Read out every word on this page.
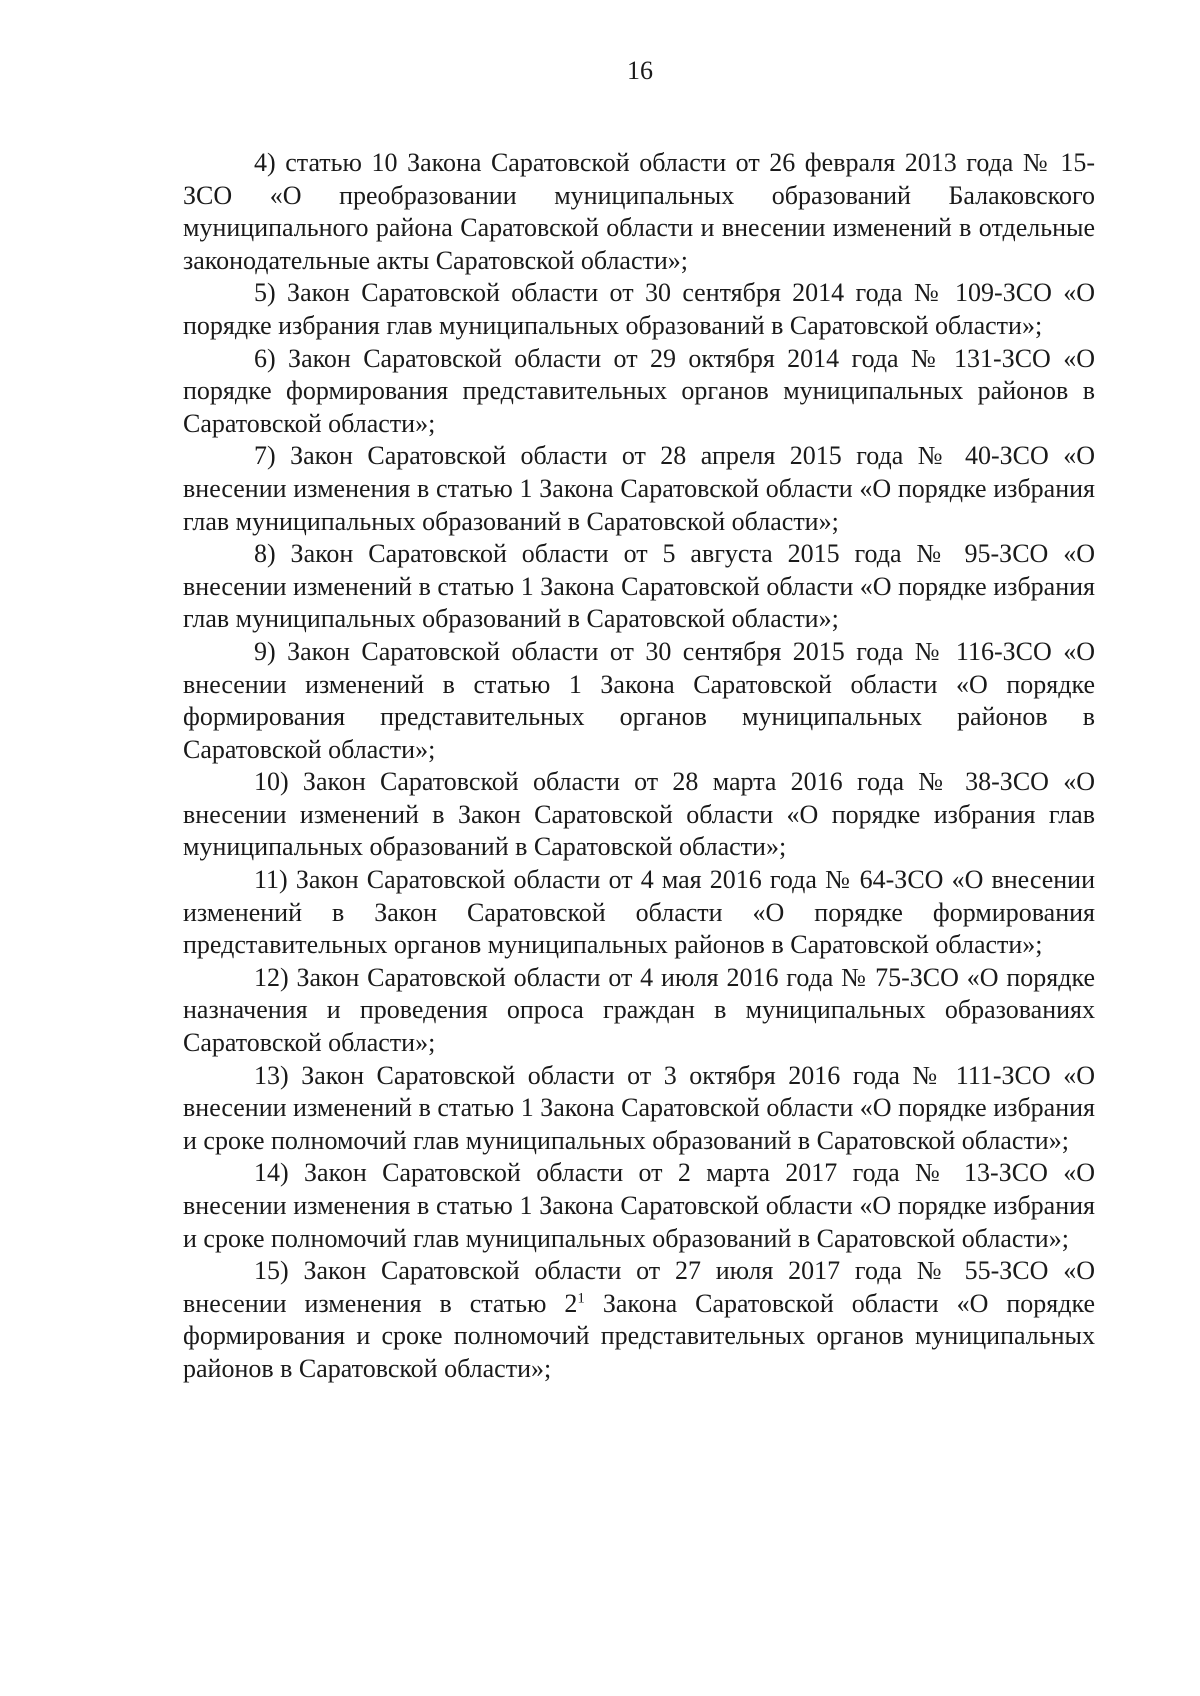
16

4) статью 10 Закона Саратовской области от 26 февраля 2013 года № 15-ЗСО «О преобразовании муниципальных образований Балаковского муниципального района Саратовской области и внесении изменений в отдельные законодательные акты Саратовской области»;

5) Закон Саратовской области от 30 сентября 2014 года № 109-ЗСО «О порядке избрания глав муниципальных образований в Саратовской области»;

6) Закон Саратовской области от 29 октября 2014 года № 131-ЗСО «О порядке формирования представительных органов муниципальных районов в Саратовской области»;

7) Закон Саратовской области от 28 апреля 2015 года № 40-ЗСО «О внесении изменения в статью 1 Закона Саратовской области «О порядке избрания глав муниципальных образований в Саратовской области»;

8) Закон Саратовской области от 5 августа 2015 года № 95-ЗСО «О внесении изменений в статью 1 Закона Саратовской области «О порядке избрания глав муниципальных образований в Саратовской области»;

9) Закон Саратовской области от 30 сентября 2015 года № 116-ЗСО «О внесении изменений в статью 1 Закона Саратовской области «О порядке формирования представительных органов муниципальных районов в Саратовской области»;

10) Закон Саратовской области от 28 марта 2016 года № 38-ЗСО «О внесении изменений в Закон Саратовской области «О порядке избрания глав муниципальных образований в Саратовской области»;

11) Закон Саратовской области от 4 мая 2016 года № 64-ЗСО «О внесении изменений в Закон Саратовской области «О порядке формирования представительных органов муниципальных районов в Саратовской области»;

12) Закон Саратовской области от 4 июля 2016 года № 75-ЗСО «О порядке назначения и проведения опроса граждан в муниципальных образованиях Саратовской области»;

13) Закон Саратовской области от 3 октября 2016 года № 111-ЗСО «О внесении изменений в статью 1 Закона Саратовской области «О порядке избрания и сроке полномочий глав муниципальных образований в Саратовской области»;

14) Закон Саратовской области от 2 марта 2017 года № 13-ЗСО «О внесении изменения в статью 1 Закона Саратовской области «О порядке избрания и сроке полномочий глав муниципальных образований в Саратовской области»;

15) Закон Саратовской области от 27 июля 2017 года № 55-ЗСО «О внесении изменения в статью $2^1$ Закона Саратовской области «О порядке формирования и сроке полномочий представительных органов муниципальных районов в Саратовской области»;
